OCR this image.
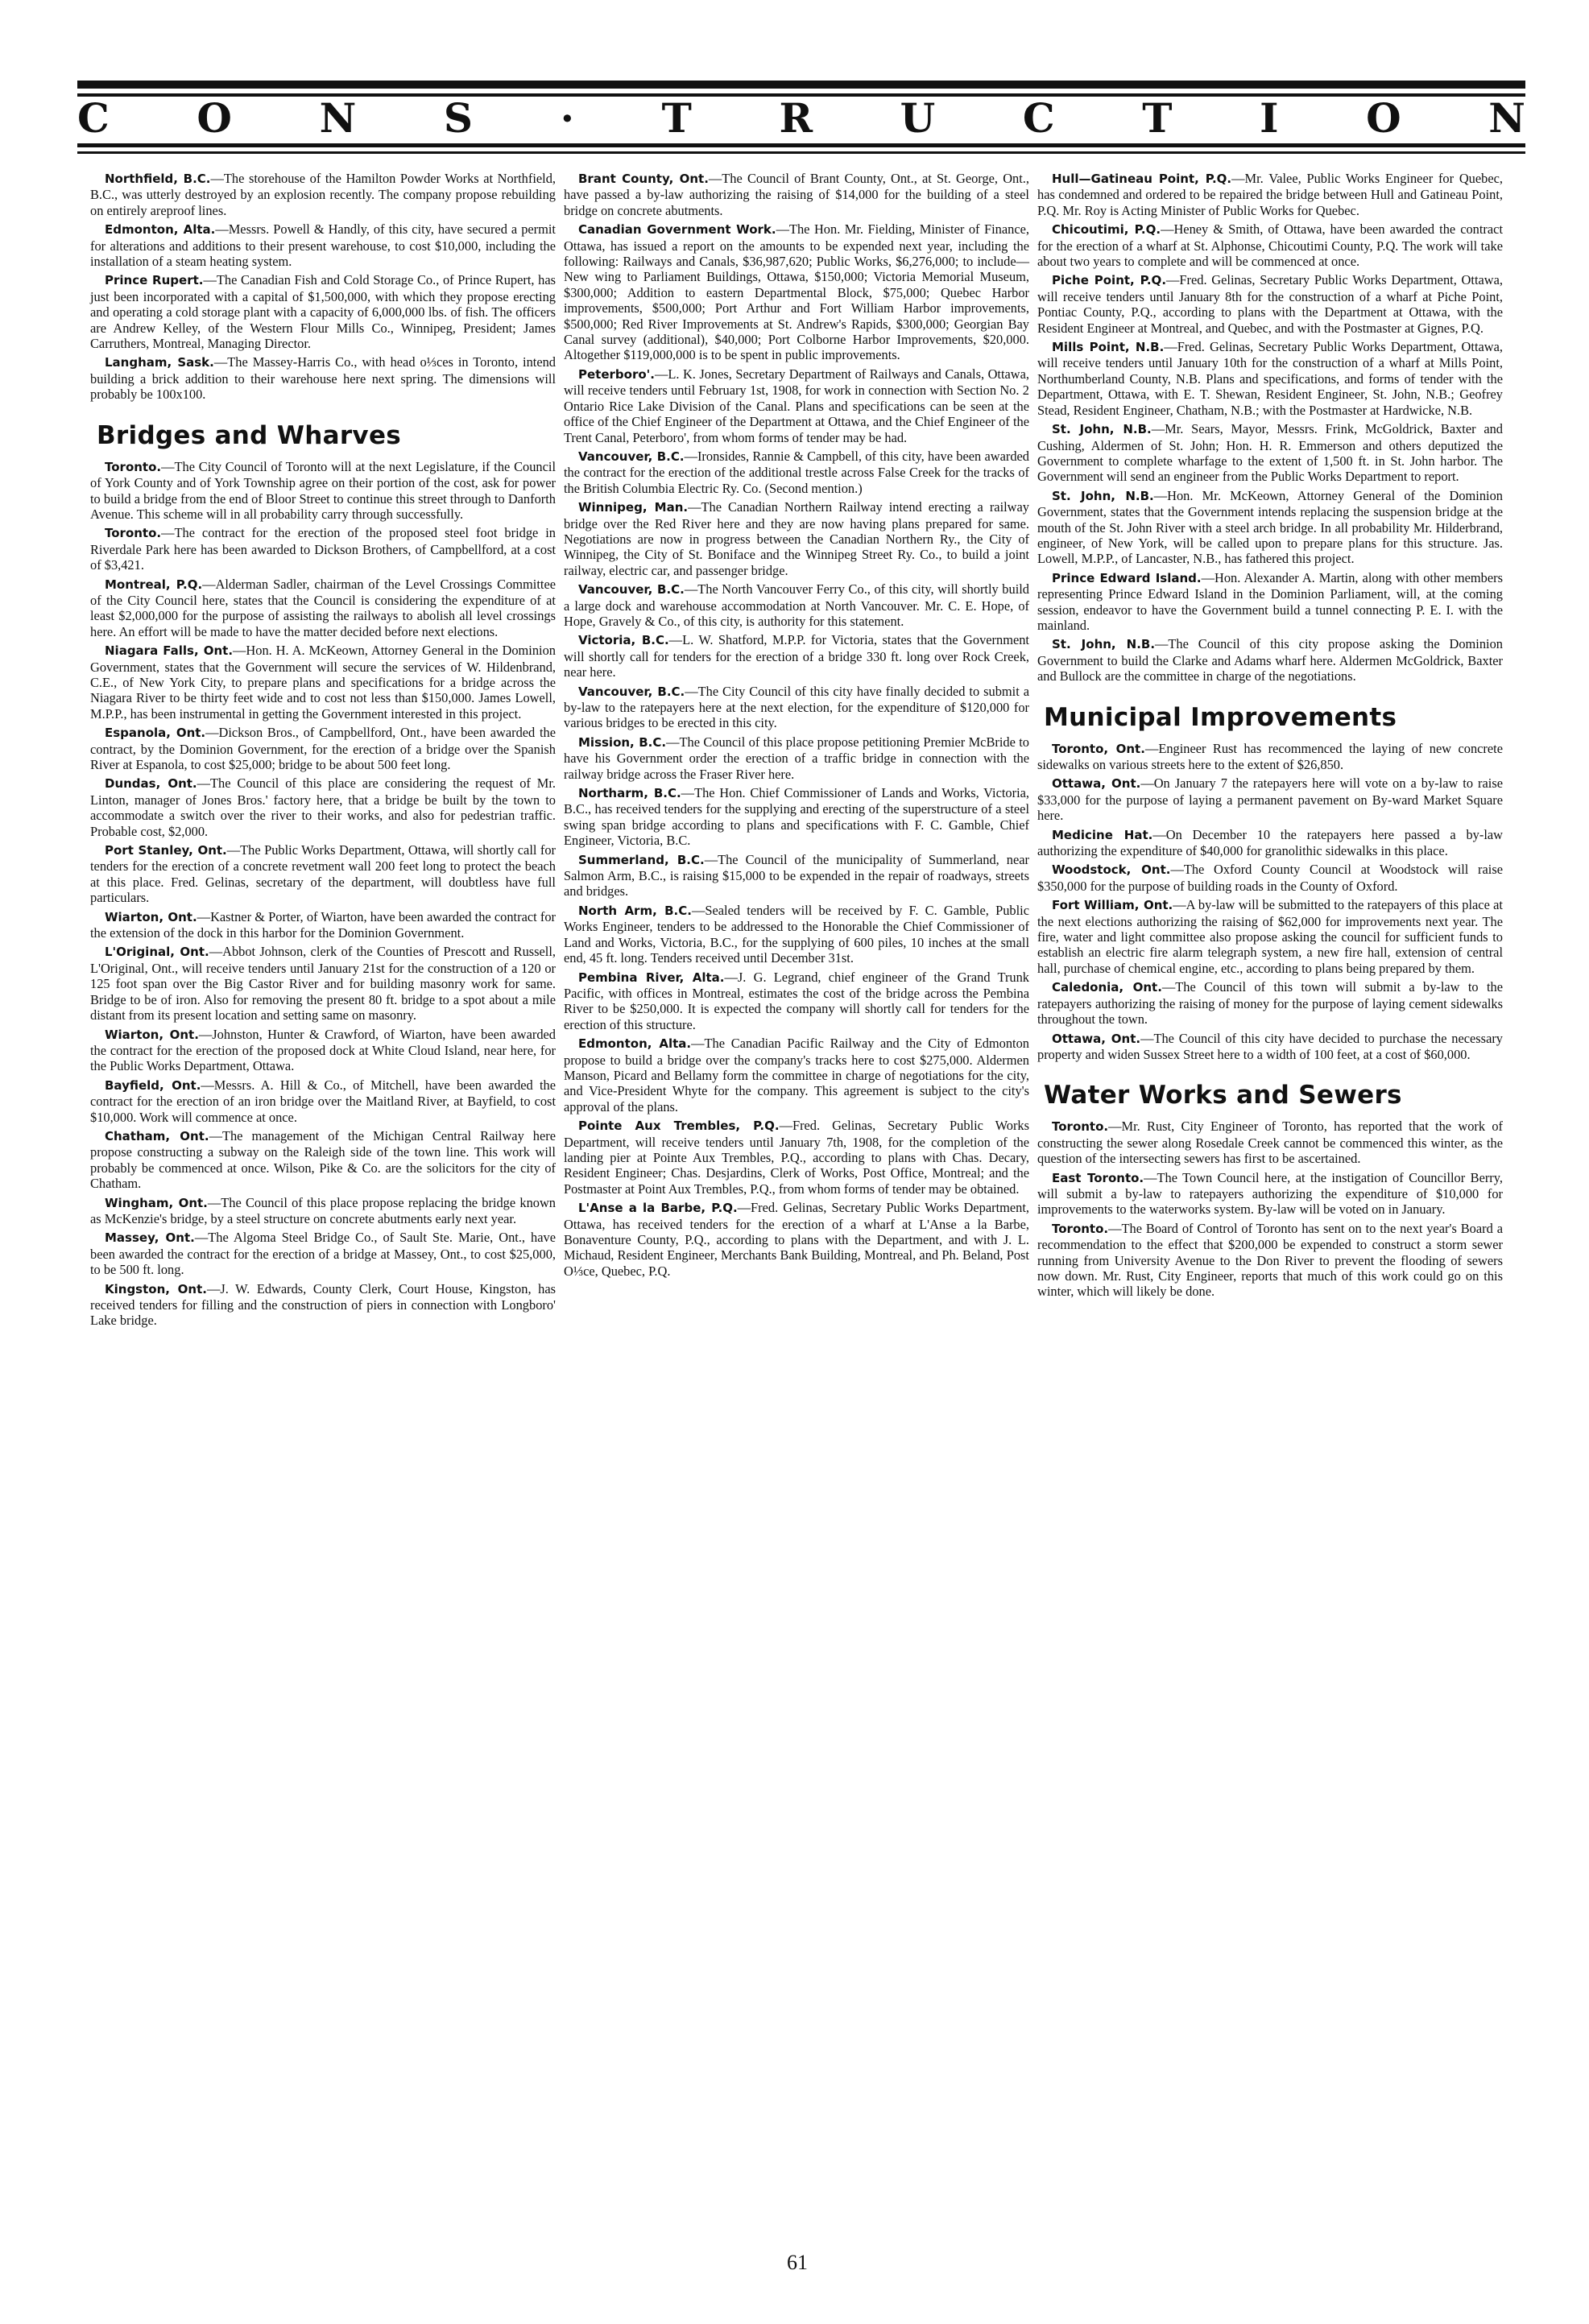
C O N S · T R U C T I O N

Northfield, B.C.—The storehouse of the Hamilton Powder Works at Northfield, B.C., was utterly destroyed by an explosion recently. The company propose rebuilding on entirely areproof lines.

Edmonton, Alta.—Messrs. Powell & Handly, of this city, have secured a permit for alterations and additions to their present warehouse, to cost $10,000, including the installation of a steam heating system.

Prince Rupert.—The Canadian Fish and Cold Storage Co., of Prince Rupert, has just been incorporated with a capital of $1,500,000, with which they propose erecting and operating a cold storage plant with a capacity of 6,000,000 lbs. of fish. The officers are Andrew Kelley, of the Western Flour Mills Co., Winnipeg, President; James Carruthers, Montreal, Managing Director.

Langham, Sask.—The Massey-Harris Co., with head o⅓ces in Toronto, intend building a brick addition to their warehouse here next spring. The dimensions will probably be 100x100.

Bridges and Wharves

Toronto.—The City Council of Toronto will at the next Legislature, if the Council of York County and of York Township agree on their portion of the cost, ask for power to build a bridge from the end of Bloor Street to continue this street through to Danforth Avenue. This scheme will in all probability carry through successfully.

Toronto.—The contract for the erection of the proposed steel foot bridge in Riverdale Park here has been awarded to Dickson Brothers, of Campbellford, at a cost of $3,421.

Montreal, P.Q.—Alderman Sadler, chairman of the Level Crossings Committee of the City Council here, states that the Council is considering the expenditure of at least $2,000,000 for the purpose of assisting the railways to abolish all level crossings here. An effort will be made to have the matter decided before next elections.

Niagara Falls, Ont.—Hon. H. A. McKeown, Attorney General in the Dominion Government, states that the Government will secure the services of W. Hildenbrand, C.E., of New York City, to prepare plans and specifications for a bridge across the Niagara River to be thirty feet wide and to cost not less than $150,000. James Lowell, M.P.P., has been instrumental in getting the Government interested in this project.

Espanola, Ont.—Dickson Bros., of Campbellford, Ont., have been awarded the contract, by the Dominion Government, for the erection of a bridge over the Spanish River at Espanola, to cost $25,000; bridge to be about 500 feet long.

Dundas, Ont.—The Council of this place are considering the request of Mr. Linton, manager of Jones Bros.' factory here, that a bridge be built by the town to accommodate a switch over the river to their works, and also for pedestrian traffic. Probable cost, $2,000.

Port Stanley, Ont.—The Public Works Department, Ottawa, will shortly call for tenders for the erection of a concrete revetment wall 200 feet long to protect the beach at this place. Fred. Gelinas, secretary of the department, will doubtless have full particulars.

Wiarton, Ont.—Kastner & Porter, of Wiarton, have been awarded the contract for the extension of the dock in this harbor for the Dominion Government.

L'Original, Ont.—Abbot Johnson, clerk of the Counties of Prescott and Russell, L'Original, Ont., will receive tenders until January 21st for the construction of a 120 or 125 foot span over the Big Castor River and for building masonry work for same. Bridge to be of iron. Also for removing the present 80 ft. bridge to a spot about a mile distant from its present location and setting same on masonry.

Wiarton, Ont.—Johnston, Hunter & Crawford, of Wiarton, have been awarded the contract for the erection of the proposed dock at White Cloud Island, near here, for the Public Works Department, Ottawa.

Bayfield, Ont.—Messrs. A. Hill & Co., of Mitchell, have been awarded the contract for the erection of an iron bridge over the Maitland River, at Bayfield, to cost $10,000. Work will commence at once.

Chatham, Ont.—The management of the Michigan Central Railway here propose constructing a subway on the Raleigh side of the town line. This work will probably be commenced at once. Wilson, Pike & Co. are the solicitors for the city of Chatham.

Wingham, Ont.—The Council of this place propose replacing the bridge known as McKenzie's bridge, by a steel structure on concrete abutments early next year.

Massey, Ont.—The Algoma Steel Bridge Co., of Sault Ste. Marie, Ont., have been awarded the contract for the erection of a bridge at Massey, Ont., to cost $25,000, to be 500 ft. long.

Kingston, Ont.—J. W. Edwards, County Clerk, Court House, Kingston, has received tenders for filling and the construction of piers in connection with Longboro' Lake bridge.

Brant County, Ont.—The Council of Brant County, Ont., at St. George, Ont., have passed a by-law authorizing the raising of $14,000 for the building of a steel bridge on concrete abutments.

Canadian Government Work.—The Hon. Mr. Fielding, Minister of Finance, Ottawa, has issued a report on the amounts to be expended next year, including the following: Railways and Canals, $36,987,620; Public Works, $6,276,000; to include—New wing to Parliament Buildings, Ottawa, $150,000; Victoria Memorial Museum, $300,000; Addition to eastern Departmental Block, $75,000; Quebec Harbor improvements, $500,000; Port Arthur and Fort William Harbor improvements, $500,000; Red River Improvements at St. Andrew's Rapids, $300,000; Georgian Bay Canal survey (additional), $40,000; Port Colborne Harbor Improvements, $20,000. Altogether $119,000,000 is to be spent in public improvements.

Peterboro'.—L. K. Jones, Secretary Department of Railways and Canals, Ottawa, will receive tenders until February 1st, 1908, for work in connection with Section No. 2 Ontario Rice Lake Division of the Canal. Plans and specifications can be seen at the office of the Chief Engineer of the Department at Ottawa, and the Chief Engineer of the Trent Canal, Peterboro', from whom forms of tender may be had.

Vancouver, B.C.—Ironsides, Rannie & Campbell, of this city, have been awarded the contract for the erection of the additional trestle across False Creek for the tracks of the British Columbia Electric Ry. Co. (Second mention.)

Winnipeg, Man.—The Canadian Northern Railway intend erecting a railway bridge over the Red River here and they are now having plans prepared for same. Negotiations are now in progress between the Canadian Northern Ry., the City of Winnipeg, the City of St. Boniface and the Winnipeg Street Ry. Co., to build a joint railway, electric car, and passenger bridge.

Vancouver, B.C.—The North Vancouver Ferry Co., of this city, will shortly build a large dock and warehouse accommodation at North Vancouver. Mr. C. E. Hope, of Hope, Gravely & Co., of this city, is authority for this statement.

Victoria, B.C.—L. W. Shatford, M.P.P. for Victoria, states that the Government will shortly call for tenders for the erection of a bridge 330 ft. long over Rock Creek, near here.

Vancouver, B.C.—The City Council of this city have finally decided to submit a by-law to the ratepayers here at the next election, for the expenditure of $120,000 for various bridges to be erected in this city.

Mission, B.C.—The Council of this place propose petitioning Premier McBride to have his Government order the erection of a traffic bridge in connection with the railway bridge across the Fraser River here.

Northarm, B.C.—The Hon. Chief Commissioner of Lands and Works, Victoria, B.C., has received tenders for the supplying and erecting of the superstructure of a steel swing span bridge according to plans and specifications with F. C. Gamble, Chief Engineer, Victoria, B.C.

Summerland, B.C.—The Council of the municipality of Summerland, near Salmon Arm, B.C., is raising $15,000 to be expended in the repair of roadways, streets and bridges.

North Arm, B.C.—Sealed tenders will be received by F. C. Gamble, Public Works Engineer, tenders to be addressed to the Honorable the Chief Commissioner of Land and Works, Victoria, B.C., for the supplying of 600 piles, 10 inches at the small end, 45 ft. long. Tenders received until December 31st.

Pembina River, Alta.—J. G. Legrand, chief engineer of the Grand Trunk Pacific, with offices in Montreal, estimates the cost of the bridge across the Pembina River to be $250,000. It is expected the company will shortly call for tenders for the erection of this structure.

Edmonton, Alta.—The Canadian Pacific Railway and the City of Edmonton propose to build a bridge over the company's tracks here to cost $275,000. Aldermen Manson, Picard and Bellamy form the committee in charge of negotiations for the city, and Vice-President Whyte for the company. This agreement is subject to the city's approval of the plans.

Pointe Aux Trembles, P.Q.—Fred. Gelinas, Secretary Public Works Department, will receive tenders until January 7th, 1908, for the completion of the landing pier at Pointe Aux Trembles, P.Q., according to plans with Chas. Decary, Resident Engineer; Chas. Desjardins, Clerk of Works, Post Office, Montreal; and the Postmaster at Point Aux Trembles, P.Q., from whom forms of tender may be obtained.

L'Anse a la Barbe, P.Q.—Fred. Gelinas, Secretary Public Works Department, Ottawa, has received tenders for the erection of a wharf at L'Anse a la Barbe, Bonaventure County, P.Q., according to plans with the Department, and with J. L. Michaud, Resident Engineer, Merchants Bank Building, Montreal, and Ph. Beland, Post O⅓ce, Quebec, P.Q.

Hull—Gatineau Point, P.Q.—Mr. Valee, Public Works Engineer for Quebec, has condemned and ordered to be repaired the bridge between Hull and Gatineau Point, P.Q. Mr. Roy is Acting Minister of Public Works for Quebec.

Chicoutimi, P.Q.—Heney & Smith, of Ottawa, have been awarded the contract for the erection of a wharf at St. Alphonse, Chicoutimi County, P.Q. The work will take about two years to complete and will be commenced at once.

Piche Point, P.Q.—Fred. Gelinas, Secretary Public Works Department, Ottawa, will receive tenders until January 8th for the construction of a wharf at Piche Point, Pontiac County, P.Q., according to plans with the Department at Ottawa, with the Resident Engineer at Montreal, and Quebec, and with the Postmaster at Gignes, P.Q.

Mills Point, N.B.—Fred. Gelinas, Secretary Public Works Department, Ottawa, will receive tenders until January 10th for the construction of a wharf at Mills Point, Northumberland County, N.B. Plans and specifications, and forms of tender with the Department, Ottawa, with E. T. Shewan, Resident Engineer, St. John, N.B.; Geofrey Stead, Resident Engineer, Chatham, N.B.; with the Postmaster at Hardwicke, N.B.

St. John, N.B.—Mr. Sears, Mayor, Messrs. Frink, McGoldrick, Baxter and Cushing, Aldermen of St. John; Hon. H. R. Emmerson and others deputized the Government to complete wharfage to the extent of 1,500 ft. in St. John harbor. The Government will send an engineer from the Public Works Department to report.

St. John, N.B.—Hon. Mr. McKeown, Attorney General of the Dominion Government, states that the Government intends replacing the suspension bridge at the mouth of the St. John River with a steel arch bridge. In all probability Mr. Hilderbrand, engineer, of New York, will be called upon to prepare plans for this structure. Jas. Lowell, M.P.P., of Lancaster, N.B., has fathered this project.

Prince Edward Island.—Hon. Alexander A. Martin, along with other members representing Prince Edward Island in the Dominion Parliament, will, at the coming session, endeavor to have the Government build a tunnel connecting P. E. I. with the mainland.

St. John, N.B.—The Council of this city propose asking the Dominion Government to build the Clarke and Adams wharf here. Aldermen McGoldrick, Baxter and Bullock are the committee in charge of the negotiations.

Municipal Improvements

Toronto, Ont.—Engineer Rust has recommenced the laying of new concrete sidewalks on various streets here to the extent of $26,850.

Ottawa, Ont.—On January 7 the ratepayers here will vote on a by-law to raise $33,000 for the purpose of laying a permanent pavement on By-ward Market Square here.

Medicine Hat.—On December 10 the ratepayers here passed a by-law authorizing the expenditure of $40,000 for granolithic sidewalks in this place.

Woodstock, Ont.—The Oxford County Council at Woodstock will raise $350,000 for the purpose of building roads in the County of Oxford.

Fort William, Ont.—A by-law will be submitted to the ratepayers of this place at the next elections authorizing the raising of $62,000 for improvements next year. The fire, water and light committee also propose asking the council for sufficient funds to establish an electric fire alarm telegraph system, a new fire hall, extension of central hall, purchase of chemical engine, etc., according to plans being prepared by them.

Caledonia, Ont.—The Council of this town will submit a by-law to the ratepayers authorizing the raising of money for the purpose of laying cement sidewalks throughout the town.

Ottawa, Ont.—The Council of this city have decided to purchase the necessary property and widen Sussex Street here to a width of 100 feet, at a cost of $60,000.

Water Works and Sewers

Toronto.—Mr. Rust, City Engineer of Toronto, has reported that the work of constructing the sewer along Rosedale Creek cannot be commenced this winter, as the question of the intersecting sewers has first to be ascertained.

East Toronto.—The Town Council here, at the instigation of Councillor Berry, will submit a by-law to ratepayers authorizing the expenditure of $10,000 for improvements to the waterworks system. By-law will be voted on in January.

Toronto.—The Board of Control of Toronto has sent on to the next year's Board a recommendation to the effect that $200,000 be expended to construct a storm sewer running from University Avenue to the Don River to prevent the flooding of sewers now down. Mr. Rust, City Engineer, reports that much of this work could go on this winter, which will likely be done.

61
